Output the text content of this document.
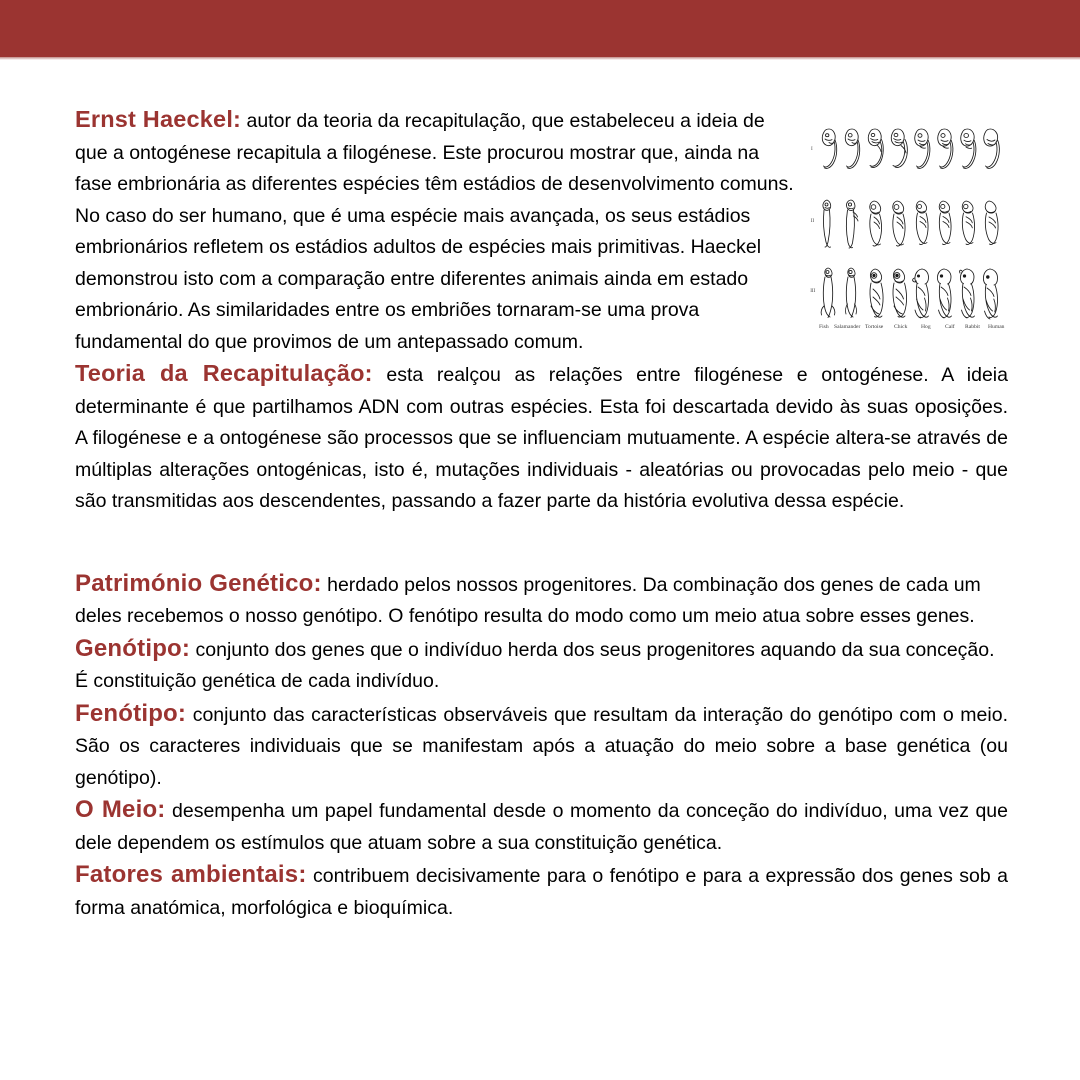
I
II
III
Fish Salamander Tortoise Chick Hog	Calf Rabbit Human

Ernst Haeckel: autor da teoria da recapitulação, que estabeleceu a ideia de que a ontogénese recapitula a filogénese. Este procurou mostrar que, ainda na fase embrionária as diferentes espécies têm estádios de desenvolvimento comuns. No caso do ser humano, que é uma espécie mais avançada, os seus estádios embrionários refletem os estádios adultos de espécies mais primitivas. Haeckel demonstrou isto com a comparação entre diferentes animais ainda em estado embrionário. As similaridades entre os embriões tornaram-se uma prova fundamental do que provimos de um antepassado comum.

Teoria da Recapitulação: esta realçou as relações entre filogénese e ontogénese. A ideia determinante é que partilhamos ADN com outras espécies. Esta foi descartada devido às suas oposições. A filogénese e a ontogénese são processos que se influenciam mutuamente. A espécie altera-se através de múltiplas alterações ontogénicas, isto é, mutações individuais - aleatórias ou provocadas pelo meio - que são transmitidas aos descendentes, passando a fazer parte da história evolutiva dessa espécie.

Património Genético: herdado pelos nossos progenitores. Da combinação dos genes de cada um deles recebemos o nosso genótipo. O fenótipo resulta do modo como um meio atua sobre esses genes.

Genótipo: conjunto dos genes que o indivíduo herda dos seus progenitores aquando da sua conceção. É constituição genética de cada indivíduo.

Fenótipo: conjunto das características observáveis que resultam da interação do genótipo com o meio. São os caracteres individuais que se manifestam após a atuação do meio sobre a base genética (ou genótipo).

O Meio: desempenha um papel fundamental desde o momento da conceção do indivíduo, uma vez que dele dependem os estímulos que atuam sobre a sua constituição genética.

Fatores ambientais: contribuem decisivamente para o fenótipo e para a expressão dos genes sob a forma anatómica, morfológica e bioquímica.
